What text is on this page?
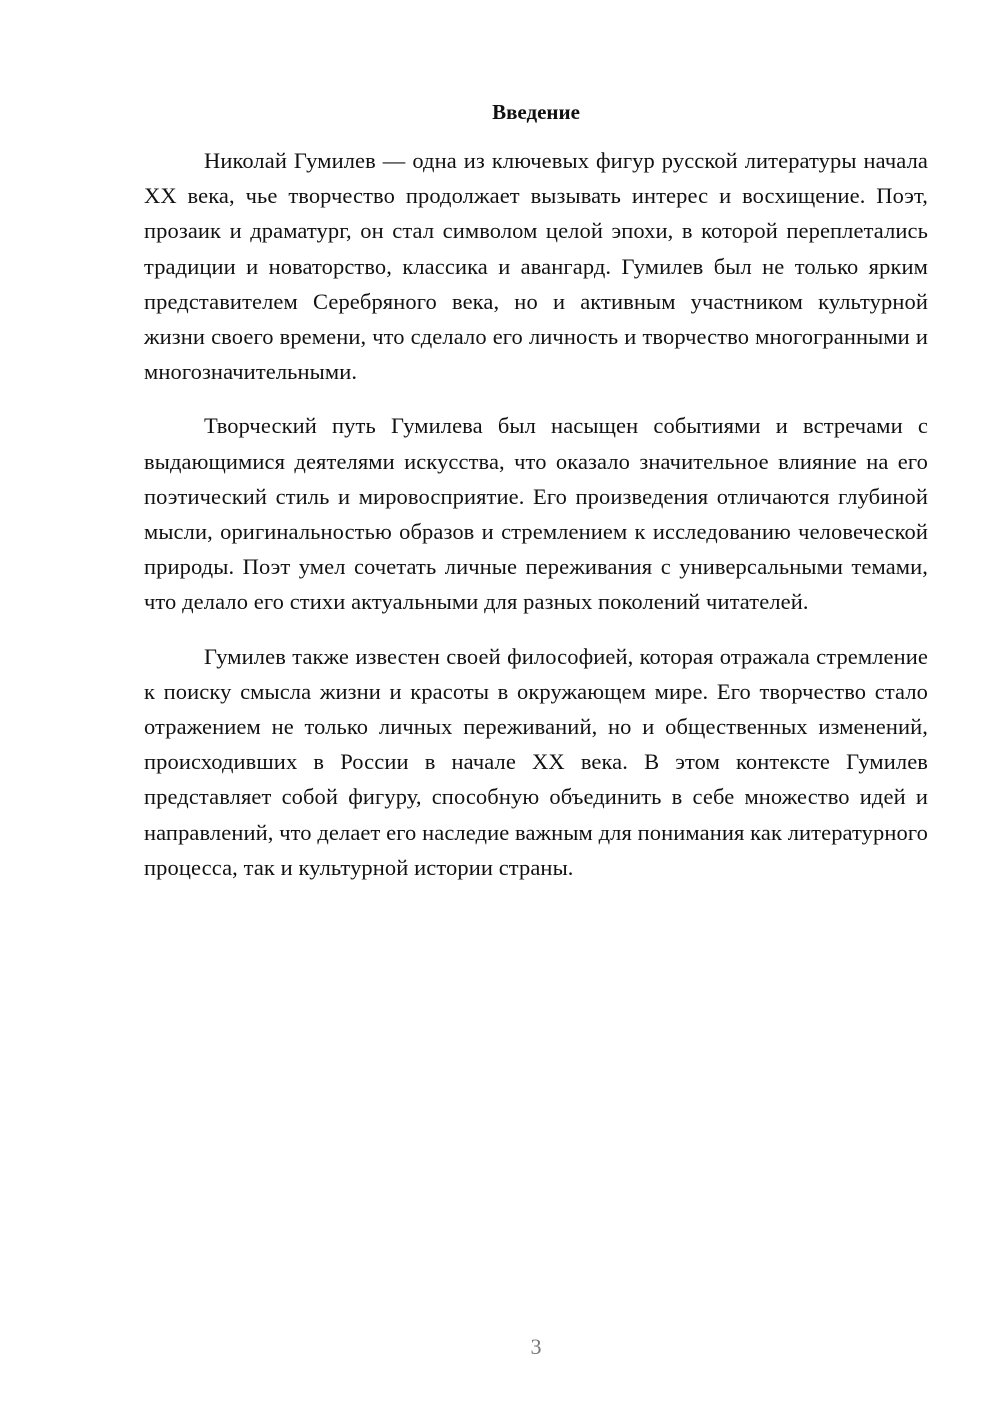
Введение

Николай Гумилев — одна из ключевых фигур русской литературы начала XX века, чье творчество продолжает вызывать интерес и восхищение. Поэт, прозаик и драматург, он стал символом целой эпохи, в которой переплетались традиции и новаторство, классика и авангард. Гумилев был не только ярким представителем Серебряного века, но и активным участником культурной жизни своего времени, что сделало его личность и творчество многогранными и многозначительными.

Творческий путь Гумилева был насыщен событиями и встречами с выдающимися деятелями искусства, что оказало значительное влияние на его поэтический стиль и мировосприятие. Его произведения отличаются глубиной мысли, оригинальностью образов и стремлением к исследованию человеческой природы. Поэт умел сочетать личные переживания с универсальными темами, что делало его стихи актуальными для разных поколений читателей.

Гумилев также известен своей философией, которая отражала стремление к поиску смысла жизни и красоты в окружающем мире. Его творчество стало отражением не только личных переживаний, но и общественных изменений, происходивших в России в начале XX века. В этом контексте Гумилев представляет собой фигуру, способную объединить в себе множество идей и направлений, что делает его наследие важным для понимания как литературного процесса, так и культурной истории страны.

3
